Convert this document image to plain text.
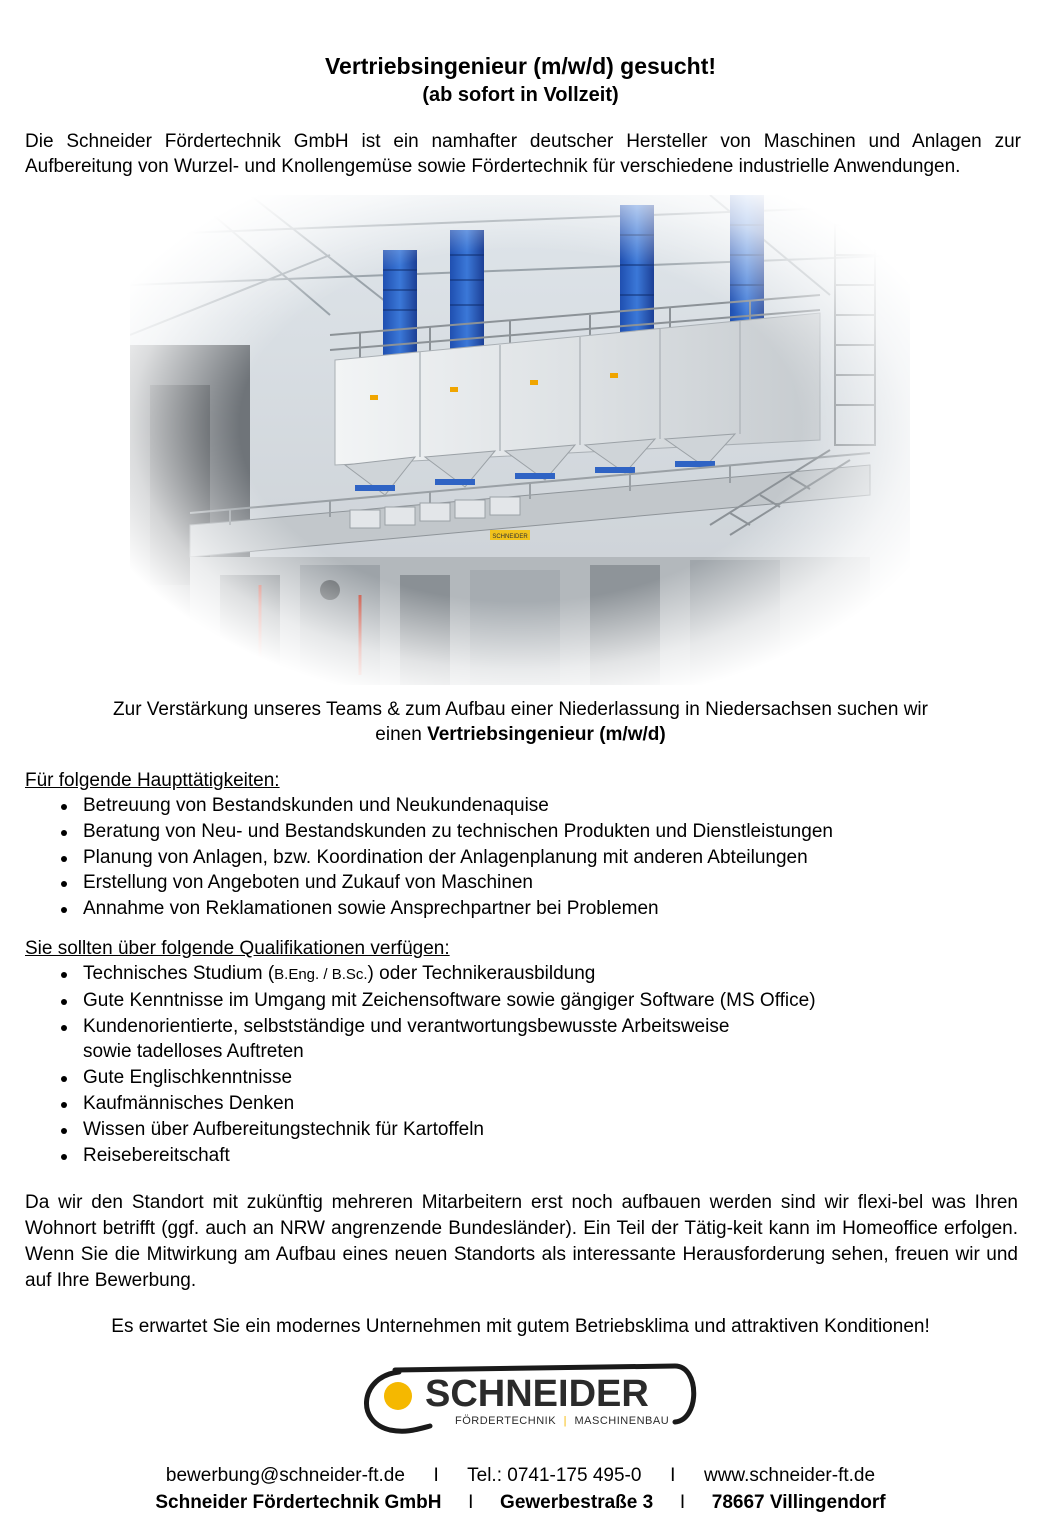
Vertriebsingenieur (m/w/d) gesucht!
(ab sofort in Vollzeit)

Die Schneider Fördertechnik GmbH ist ein namhafter deutscher Hersteller von Maschinen und Anlagen zur Aufbereitung von Wurzel- und Knollengemüse sowie Fördertechnik für verschiedene industrielle Anwendungen.

Zur Verstärkung unseres Teams & zum Aufbau einer Niederlassung in Niedersachsen suchen wir
einen Vertriebsingenieur (m/w/d)
Für folgende Haupttätigkeiten:
Betreuung von Bestandskunden und Neukundenaquise
Beratung von Neu- und Bestandskunden zu technischen Produkten und Dienstleistungen
Planung von Anlagen, bzw. Koordination der Anlagenplanung mit anderen Abteilungen
Erstellung von Angeboten und Zukauf von Maschinen
Annahme von Reklamationen sowie Ansprechpartner bei Problemen
Sie sollten über folgende Qualifikationen verfügen:
Technisches Studium (B.Eng. / B.Sc.) oder Technikerausbildung
Gute Kenntnisse im Umgang mit Zeichensoftware sowie gängiger Software (MS Office)
Kundenorientierte, selbstständige und verantwortungsbewusste Arbeitsweise
sowie tadelloses Auftreten
Gute Englischkenntnisse
Kaufmännisches Denken
Wissen über Aufbereitungstechnik für Kartoffeln
Reisebereitschaft

Da wir den Standort mit zukünftig mehreren Mitarbeitern erst noch aufbauen werden sind wir flexi-bel was Ihren Wohnort betrifft (ggf. auch an NRW angrenzende Bundesländer). Ein Teil der Tätig-keit kann im Homeoffice erfolgen. Wenn Sie die Mitwirkung am Aufbau eines neuen Standorts als interessante Herausforderung sehen, freuen wir und auf Ihre Bewerbung.

Es erwartet Sie ein modernes Unternehmen mit gutem Betriebsklima und attraktiven Konditionen!
SCHNEIDER
FÖRDERTECHNIK | MASCHINENBAU
bewerbung@schneider-ft.de I Tel.: 0741-175 495-0 I www.schneider-ft.de
Schneider Fördertechnik GmbH I Gewerbestraße 3 I 78667 Villingendorf
